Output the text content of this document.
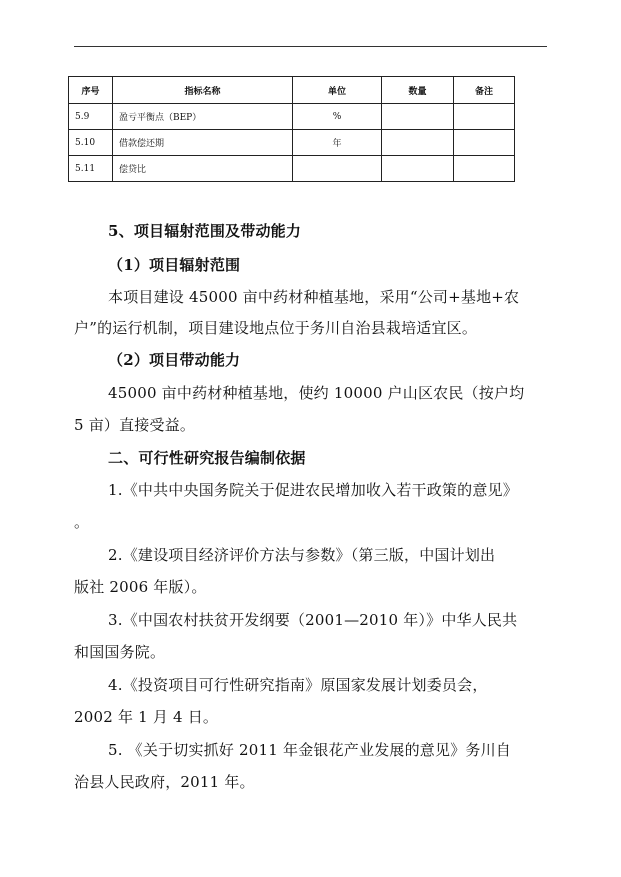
序号	指标名称	单位	数量	备注
5.9	盈亏平衡点（BEP）	%		
5.10	借款偿还期	年		
5.11	偿贷比			
5、项目辐射范围及带动能力
（1）项目辐射范围
本项目建设 45000 亩中药材种植基地，采用“公司+基地+农
户”的运行机制，项目建设地点位于务川自治县栽培适宜区。
（2）项目带动能力
45000 亩中药材种植基地，使约 10000 户山区农民（按户均
5 亩）直接受益。
二、可行性研究报告编制依据
1.《中共中央国务院关于促进农民增加收入若干政策的意见》
。
2.《建设项目经济评价方法与参数》（第三版，中国计划出
版社 2006 年版）。
3.《中国农村扶贫开发纲要（2001—2010 年）》中华人民共
和国国务院。
4.《投资项目可行性研究指南》原国家发展计划委员会，
2002 年 1 月 4 日。
5. 《关于切实抓好 2011 年金银花产业发展的意见》务川自
治县人民政府，2011 年。
